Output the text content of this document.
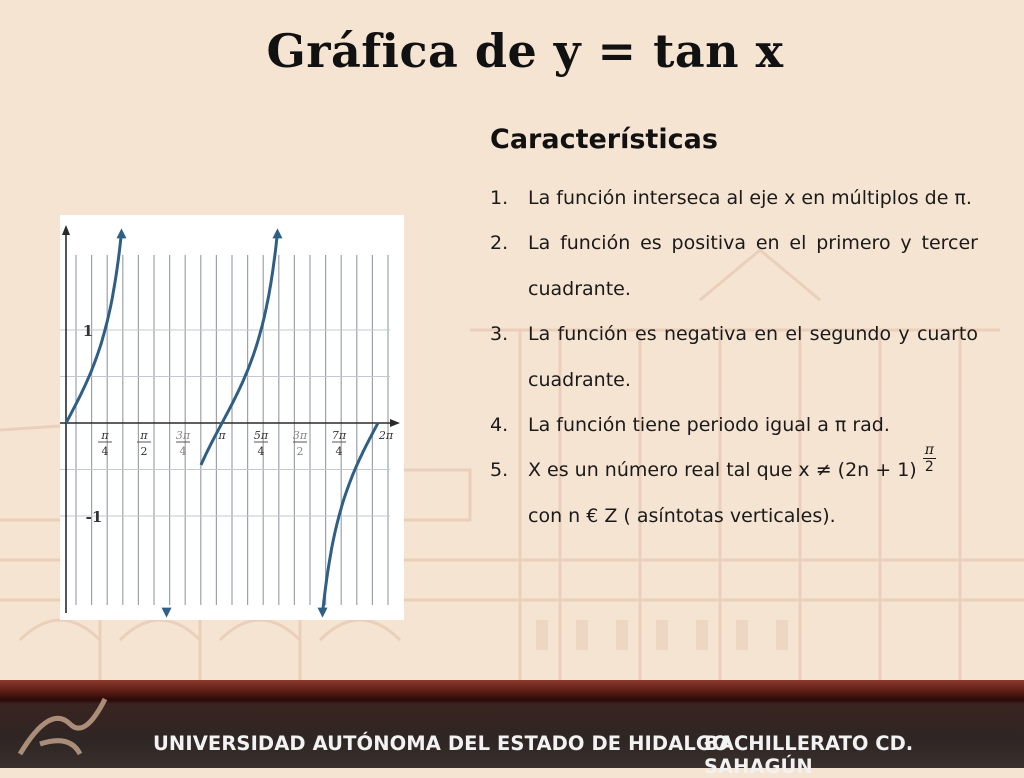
Gráfica de y = tan x
1
-1
π
4
π
2
3π
4
π	5π
4
3π
2
7π
4
2π
Características
1. La función interseca al eje x en múltiplos de π.
2. La función es positiva en el primero y tercer cuadrante.
3. La función es negativa en el segundo y cuarto cuadrante.
4. La función tiene periodo igual a π rad.
5. X es un número real tal que $x \ne (2n + 1) \frac{\pi}{2}$

con n € Z ( asíntotas verticales).
UNIVERSIDAD AUTÓNOMA DEL ESTADO DE HIDALGO
BACHILLERATO CD. SAHAGÚN
